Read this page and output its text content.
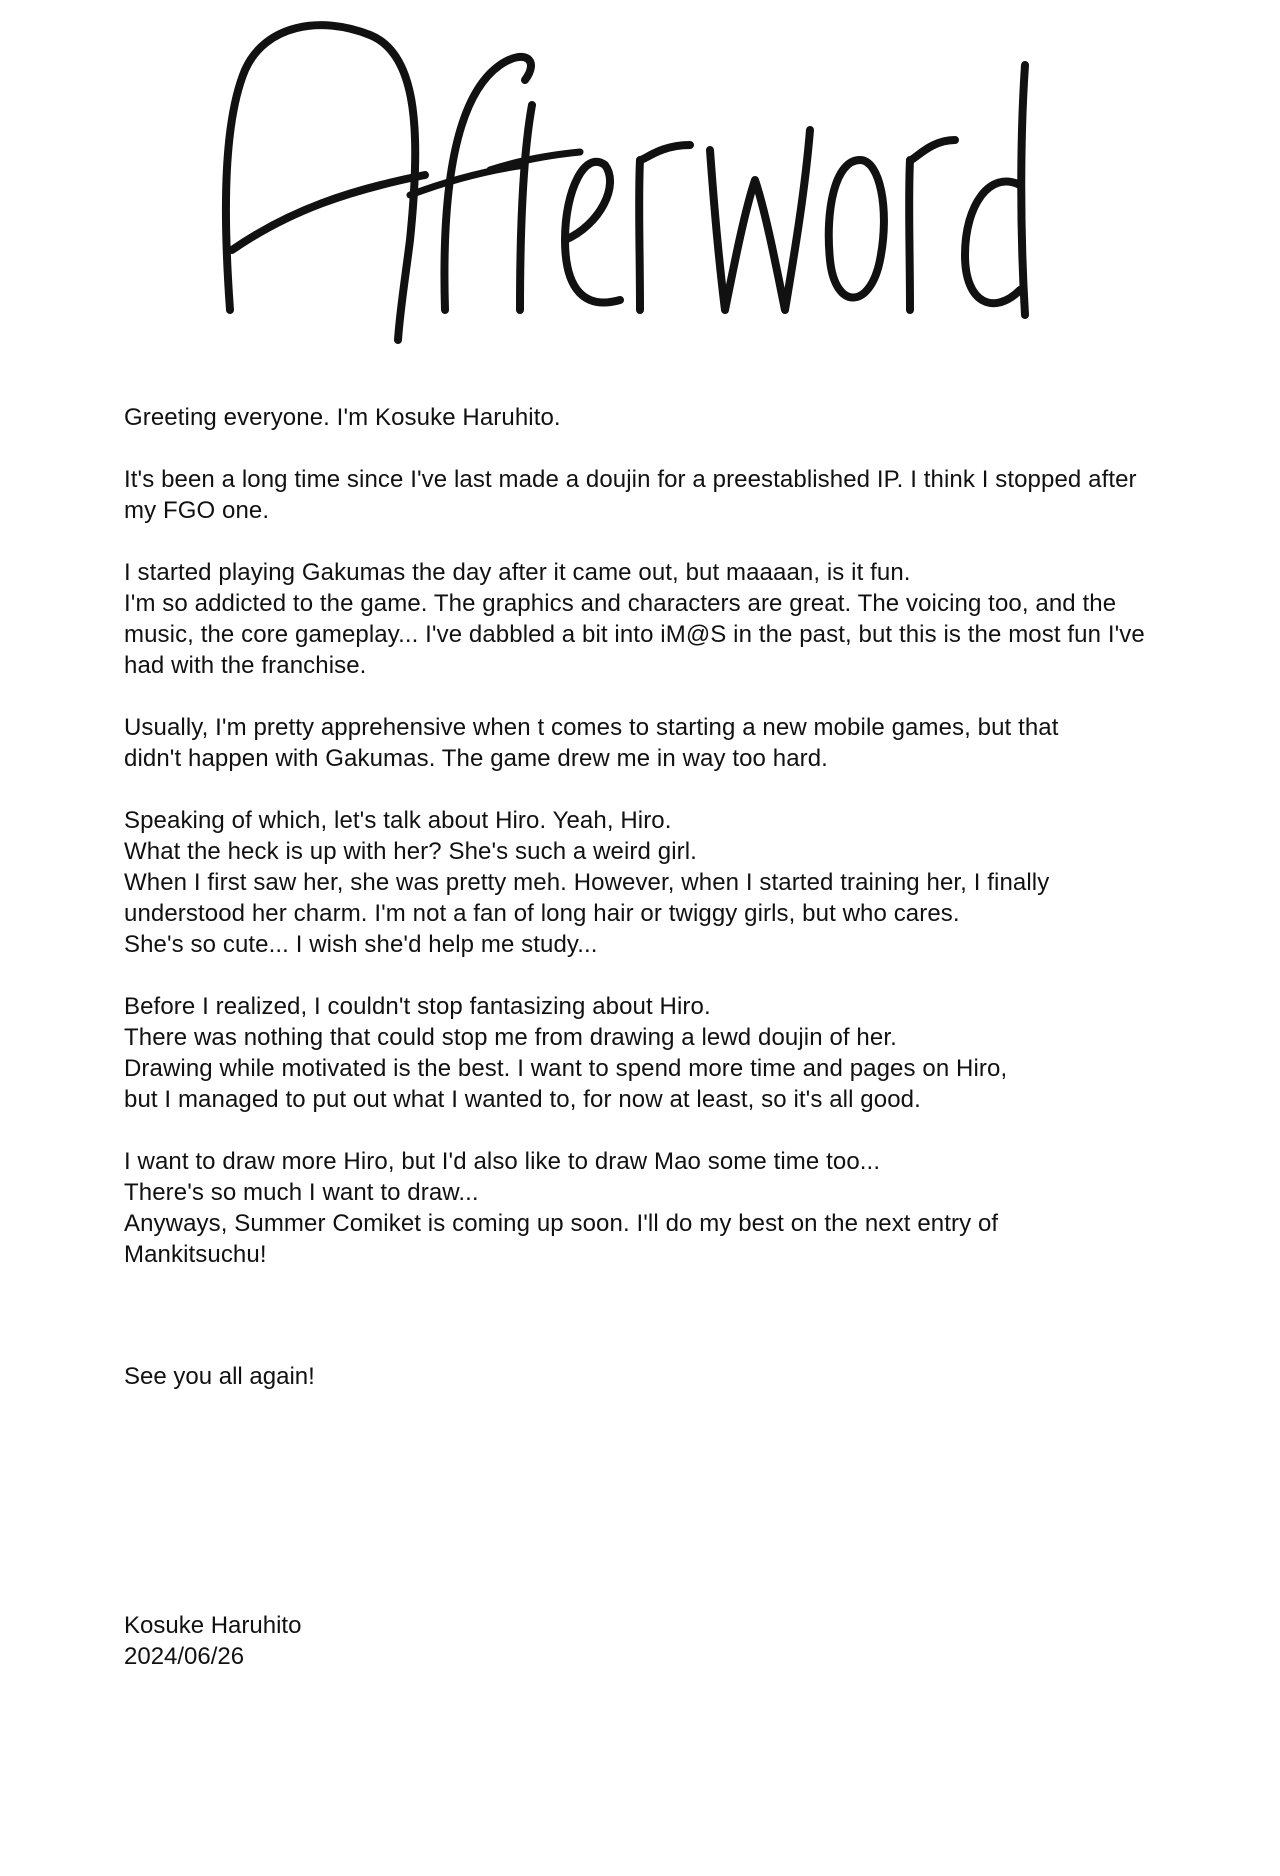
Greeting everyone. I'm Kosuke Haruhito.
It's been a long time since I've last made a doujin for a preestablished IP. I think I stopped after
my FGO one.
I started playing Gakumas the day after it came out, but maaaan, is it fun.
I'm so addicted to the game. The graphics and characters are great. The voicing too, and the
music, the core gameplay... I've dabbled a bit into iM@S in the past, but this is the most fun I've
had with the franchise.
Usually, I'm pretty apprehensive when t comes to starting a new mobile games, but that
didn't happen with Gakumas. The game drew me in way too hard.
Speaking of which, let's talk about Hiro. Yeah, Hiro.
What the heck is up with her? She's such a weird girl.
When I first saw her, she was pretty meh. However, when I started training her, I finally
understood her charm. I'm not a fan of long hair or twiggy girls, but who cares.
She's so cute... I wish she'd help me study...
Before I realized, I couldn't stop fantasizing about Hiro.
There was nothing that could stop me from drawing a lewd doujin of her.
Drawing while motivated is the best. I want to spend more time and pages on Hiro,
but I managed to put out what I wanted to, for now at least, so it's all good.
I want to draw more Hiro, but I'd also like to draw Mao some time too...
There's so much I want to draw...
Anyways, Summer Comiket is coming up soon. I'll do my best on the next entry of
Mankitsuchu!
See you all again!
Kosuke Haruhito
2024/06/26
